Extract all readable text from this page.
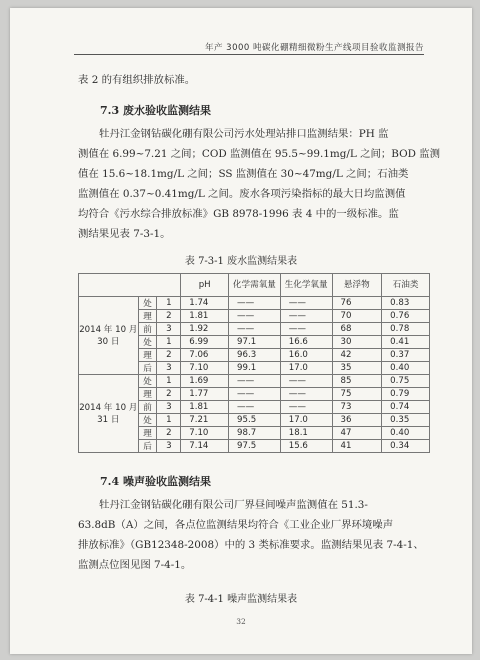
年产 3000 吨碳化硼精细微粉生产线项目验收监测报告

表 2 的有组织排放标准。

7.3 废水验收监测结果

牡丹江金钢钻碳化硼有限公司污水处理站排口监测结果：PH 监
测值在 6.99~7.21 之间；COD 监测值在 95.5~99.1mg/L 之间；BOD 监测
值在 15.6~18.1mg/L 之间；SS 监测值在 30~47mg/L 之间；石油类
监测值在 0.37~0.41mg/L 之间。废水各项污染指标的最大日均监测值
均符合《污水综合排放标准》GB 8978-1996 表 4 中的一级标准。监
测结果见表 7-3-1。

表 7-3-1 废水监测结果表
			pH	化学需氧量	生化学氧量	悬浮物	石油类
2014 年 10 月 30 日	处	1	1.74	——	——	76	0.83
	理	2	1.81	——	——	70	0.76
	前	3	1.92	——	——	68	0.78
	处	1	6.99	97.1	16.6	30	0.41
	理	2	7.06	96.3	16.0	42	0.37
	后	3	7.10	99.1	17.0	35	0.40
2014 年 10 月 31 日	处	1	1.69	——	——	85	0.75
	理	2	1.77	——	——	75	0.79
	前	3	1.81	——	——	73	0.74
	处	1	7.21	95.5	17.0	36	0.35
	理	2	7.10	98.7	18.1	47	0.40
	后	3	7.14	97.5	15.6	41	0.34
7.4 噪声验收监测结果

牡丹江金钢钻碳化硼有限公司厂界昼间噪声监测值在 51.3-
63.8dB（A）之间，各点位监测结果均符合《工业企业厂界环境噪声
排放标准》（GB12348-2008）中的 3 类标准要求。监测结果见表 7-4-1、
监测点位图见图 7-4-1。

表 7-4-1 噪声监测结果表
32
